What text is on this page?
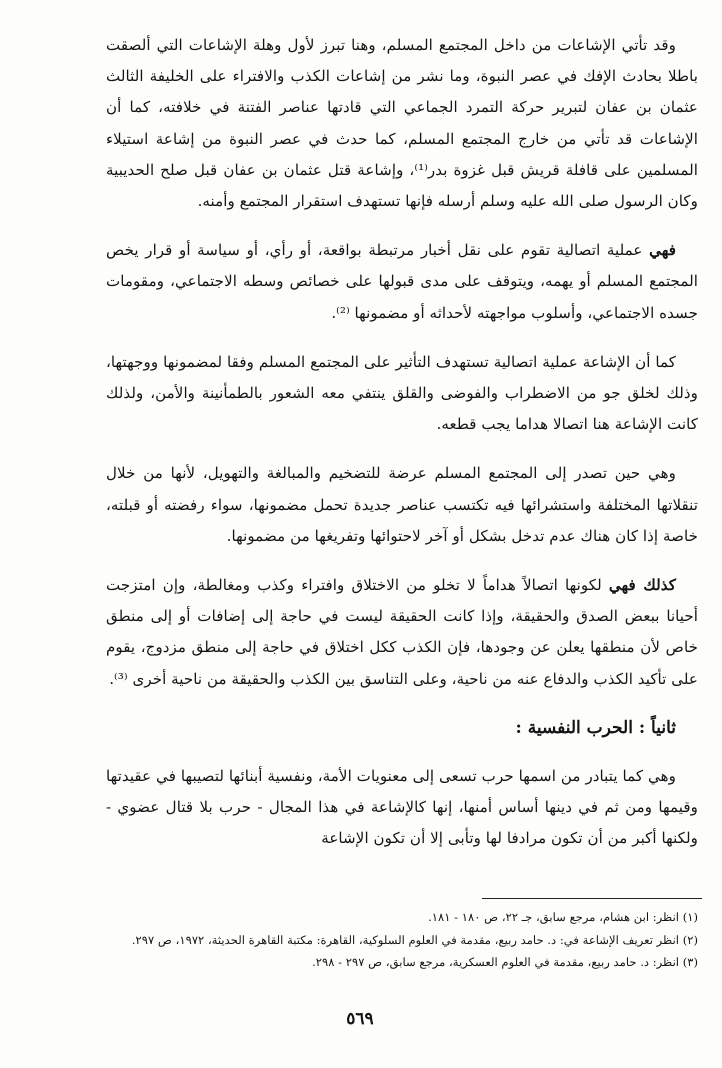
وقد تأتي الإشاعات من داخل المجتمع المسلم، وهنا تبرز لأول وهلة الإشاعات التي ألصقت باطلا بحادث الإفك في عصر النبوة، وما نشر من إشاعات الكذب والافتراء على الخليفة الثالث عثمان بن عفان لتبرير حركة التمرد الجماعي التي قادتها عناصر الفتنة في خلافته، كما أن الإشاعات قد تأتي من خارج المجتمع المسلم، كما حدث في عصر النبوة من إشاعة استيلاء المسلمين على قافلة قريش قبل غزوة بدر⁽¹⁾، وإشاعة قتل عثمان بن عفان قبل صلح الحديبية وكان الرسول صلى الله عليه وسلم أرسله فإنها تستهدف استقرار المجتمع وأمنه.

فهي عملية اتصالية تقوم على نقل أخبار مرتبطة بواقعة، أو رأي، أو سياسة أو قرار يخص المجتمع المسلم أو يهمه، ويتوقف على مدى قبولها على خصائص وسطه الاجتماعي، ومقومات جسده الاجتماعي، وأسلوب مواجهته لأحداثه أو مضمونها ⁽²⁾.

كما أن الإشاعة عملية اتصالية تستهدف التأثير على المجتمع المسلم وفقا لمضمونها ووجهتها، وذلك لخلق جو من الاضطراب والفوضى والقلق ينتفي معه الشعور بالطمأنينة والأمن، ولذلك كانت الإشاعة هنا اتصالا هداما يجب قطعه.

وهي حين تصدر إلى المجتمع المسلم عرضة للتضخيم والمبالغة والتهويل، لأنها من خلال تنقلاتها المختلفة واستشرائها فيه تكتسب عناصر جديدة تحمل مضمونها، سواء رفضته أو قبلته، خاصة إذا كان هناك عدم تدخل بشكل أو آخر لاحتوائها وتفريغها من مضمونها.

كذلك فهي لكونها اتصالاً هداماً لا تخلو من الاختلاق وافتراء وكذب ومغالطة، وإن امتزجت أحيانا ببعض الصدق والحقيقة، وإذا كانت الحقيقة ليست في حاجة إلى إضافات أو إلى منطق خاص لأن منطقها يعلن عن وجودها، فإن الكذب ككل اختلاق في حاجة إلى منطق مزدوج، يقوم على تأكيد الكذب والدفاع عنه من ناحية، وعلى التناسق بين الكذب والحقيقة من ناحية أخرى ⁽³⁾.

ثانياً : الحرب النفسية :

وهي كما يتبادر من اسمها حرب تسعى إلى معنويات الأمة، ونفسية أبنائها لتصيبها في عقيدتها وقيمها ومن ثم في دينها أساس أمنها، إنها كالإشاعة في هذا المجال - حرب بلا قتال عضوي - ولكنها أكبر من أن تكون مرادفا لها وتأبى إلا أن تكون الإشاعة

(١) انظر: ابن هشام، مرجع سابق، جـ ٢٢، ص ١٨٠ - ١٨١.

(٢) انظر تعريف الإشاعة في: د. حامد ربيع، مقدمة في العلوم السلوكية، القاهرة: مكتبة القاهرة الحديثة، ١٩٧٢، ص ٢٩٧.

(٣) انظر: د. حامد ربيع، مقدمة في العلوم العسكرية، مرجع سابق، ص ٢٩٧ - ٢٩٨.

٥٦٩
